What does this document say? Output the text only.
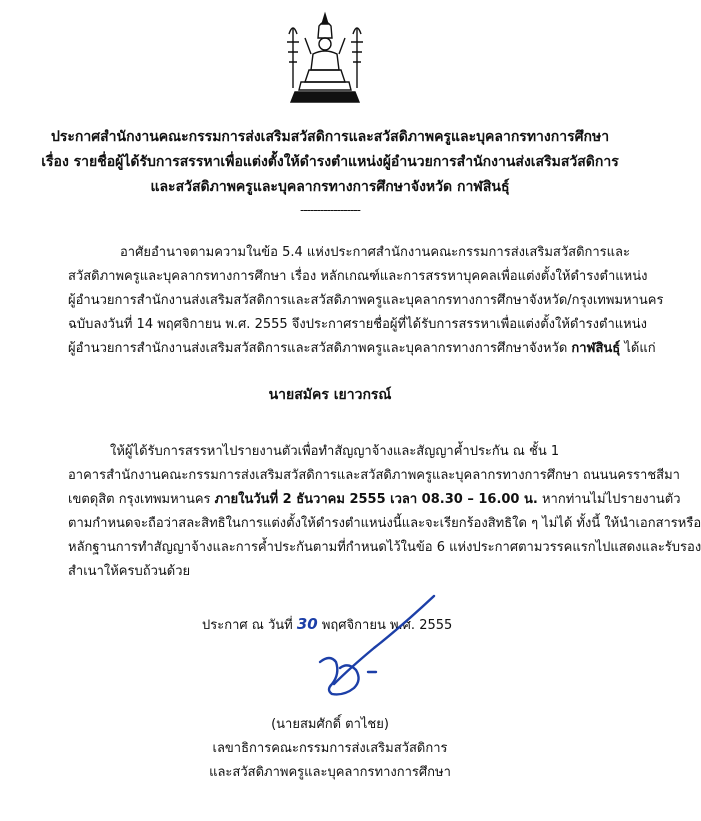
ประกาศสำนักงานคณะกรรมการส่งเสริมสวัสดิการและสวัสดิภาพครูและบุคลากรทางการศึกษา
เรื่อง รายชื่อผู้ได้รับการสรรหาเพื่อแต่งตั้งให้ดำรงตำแหน่งผู้อำนวยการสำนักงานส่งเสริมสวัสดิการ
และสวัสดิภาพครูและบุคลากรทางการศึกษาจังหวัด กาฬสินธุ์
------------------
อาศัยอำนาจตามความในข้อ 5.4 แห่งประกาศสำนักงานคณะกรรมการส่งเสริมสวัสดิการและ
สวัสดิภาพครูและบุคลากรทางการศึกษา เรื่อง หลักเกณฑ์และการสรรหาบุคคลเพื่อแต่งตั้งให้ดำรงตำแหน่ง
ผู้อำนวยการสำนักงานส่งเสริมสวัสดิการและสวัสดิภาพครูและบุคลากรทางการศึกษาจังหวัด/กรุงเทพมหานคร
ฉบับลงวันที่ 14 พฤศจิกายน พ.ศ. 2555 จึงประกาศรายชื่อผู้ที่ได้รับการสรรหาเพื่อแต่งตั้งให้ดำรงตำแหน่ง
ผู้อำนวยการสำนักงานส่งเสริมสวัสดิการและสวัสดิภาพครูและบุคลากรทางการศึกษาจังหวัด กาฬสินธุ์ ได้แก่
นายสมัคร เยาวกรณ์
ให้ผู้ได้รับการสรรหาไปรายงานตัวเพื่อทำสัญญาจ้างและสัญญาค้ำประกัน ณ ชั้น 1
อาคารสำนักงานคณะกรรมการส่งเสริมสวัสดิการและสวัสดิภาพครูและบุคลากรทางการศึกษา ถนนนครราชสีมา
เขตดุสิต กรุงเทพมหานคร ภายในวันที่ 2 ธันวาคม 2555 เวลา 08.30 – 16.00 น. หากท่านไม่ไปรายงานตัว
ตามกำหนดจะถือว่าสละสิทธิในการแต่งตั้งให้ดำรงตำแหน่งนี้และจะเรียกร้องสิทธิใด ๆ ไม่ได้ ทั้งนี้ ให้นำเอกสารหรือ
หลักฐานการทำสัญญาจ้างและการค้ำประกันตามที่กำหนดไว้ในข้อ 6 แห่งประกาศตามวรรคแรกไปแสดงและรับรอง
สำเนาให้ครบถ้วนด้วย
ประกาศ ณ วันที่ 30 พฤศจิกายน พ.ศ. 2555
(นายสมศักดิ์ ตาไชย)
เลขาธิการคณะกรรมการส่งเสริมสวัสดิการ
และสวัสดิภาพครูและบุคลากรทางการศึกษา
